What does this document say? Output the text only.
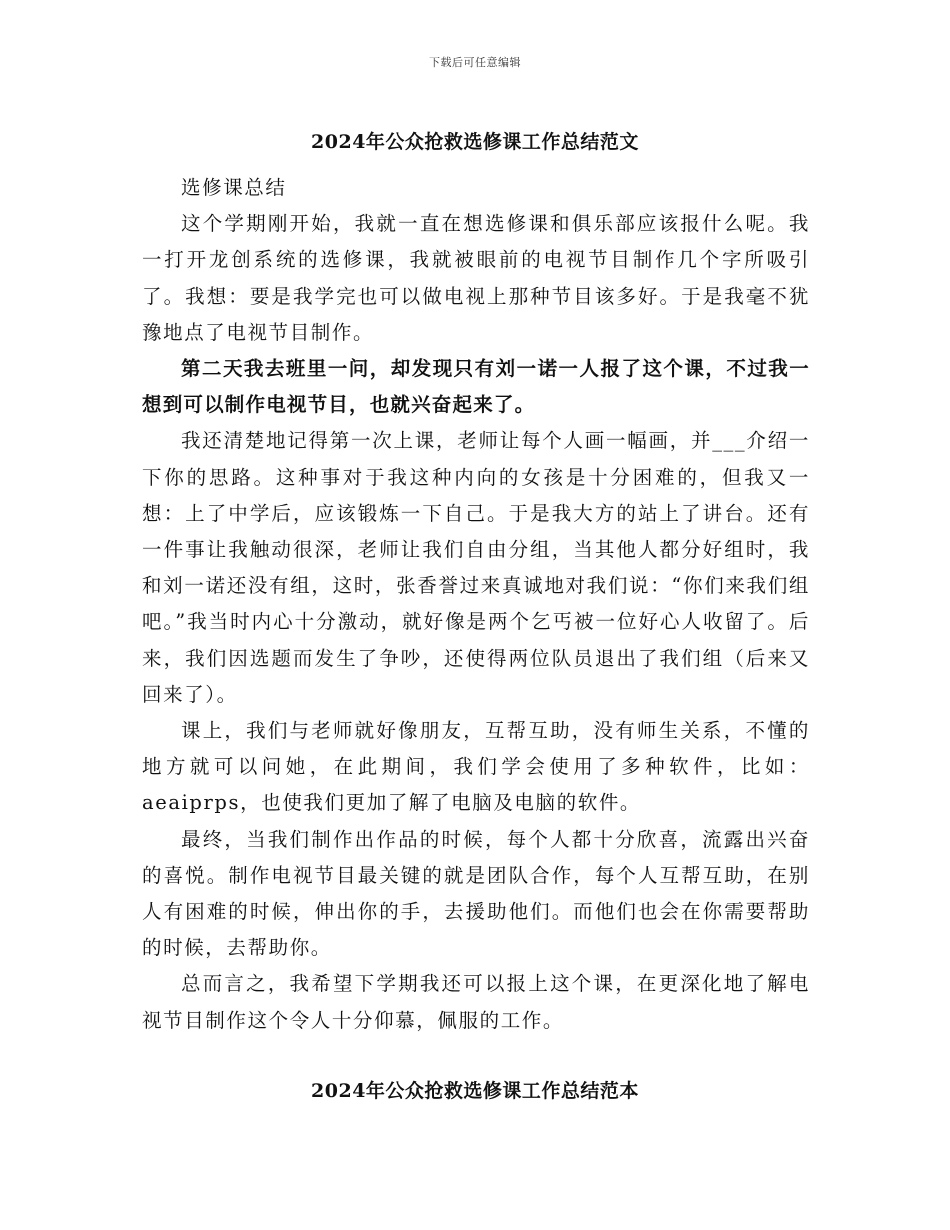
下载后可任意编辑
2024年公众抢救选修课工作总结范文

选修课总结

这个学期刚开始，我就一直在想选修课和俱乐部应该报什么呢。我一打开龙创系统的选修课，我就被眼前的电视节目制作几个字所吸引了。我想：要是我学完也可以做电视上那种节目该多好。于是我毫不犹豫地点了电视节目制作。

第二天我去班里一问，却发现只有刘一诺一人报了这个课，不过我一想到可以制作电视节目，也就兴奋起来了。

我还清楚地记得第一次上课，老师让每个人画一幅画，并___介绍一下你的思路。这种事对于我这种内向的女孩是十分困难的，但我又一想：上了中学后，应该锻炼一下自己。于是我大方的站上了讲台。还有一件事让我触动很深，老师让我们自由分组，当其他人都分好组时，我和刘一诺还没有组，这时，张香誉过来真诚地对我们说：“你们来我们组吧。”我当时内心十分激动，就好像是两个乞丐被一位好心人收留了。后来，我们因选题而发生了争吵，还使得两位队员退出了我们组（后来又回来了）。

课上，我们与老师就好像朋友，互帮互助，没有师生关系，不懂的地方就可以问她，在此期间，我们学会使用了多种软件，比如：aeaiprps，也使我们更加了解了电脑及电脑的软件。

最终，当我们制作出作品的时候，每个人都十分欣喜，流露出兴奋的喜悦。制作电视节目最关键的就是团队合作，每个人互帮互助，在别人有困难的时候，伸出你的手，去援助他们。而他们也会在你需要帮助的时候，去帮助你。

总而言之，我希望下学期我还可以报上这个课，在更深化地了解电视节目制作这个令人十分仰慕，佩服的工作。

2024年公众抢救选修课工作总结范本
